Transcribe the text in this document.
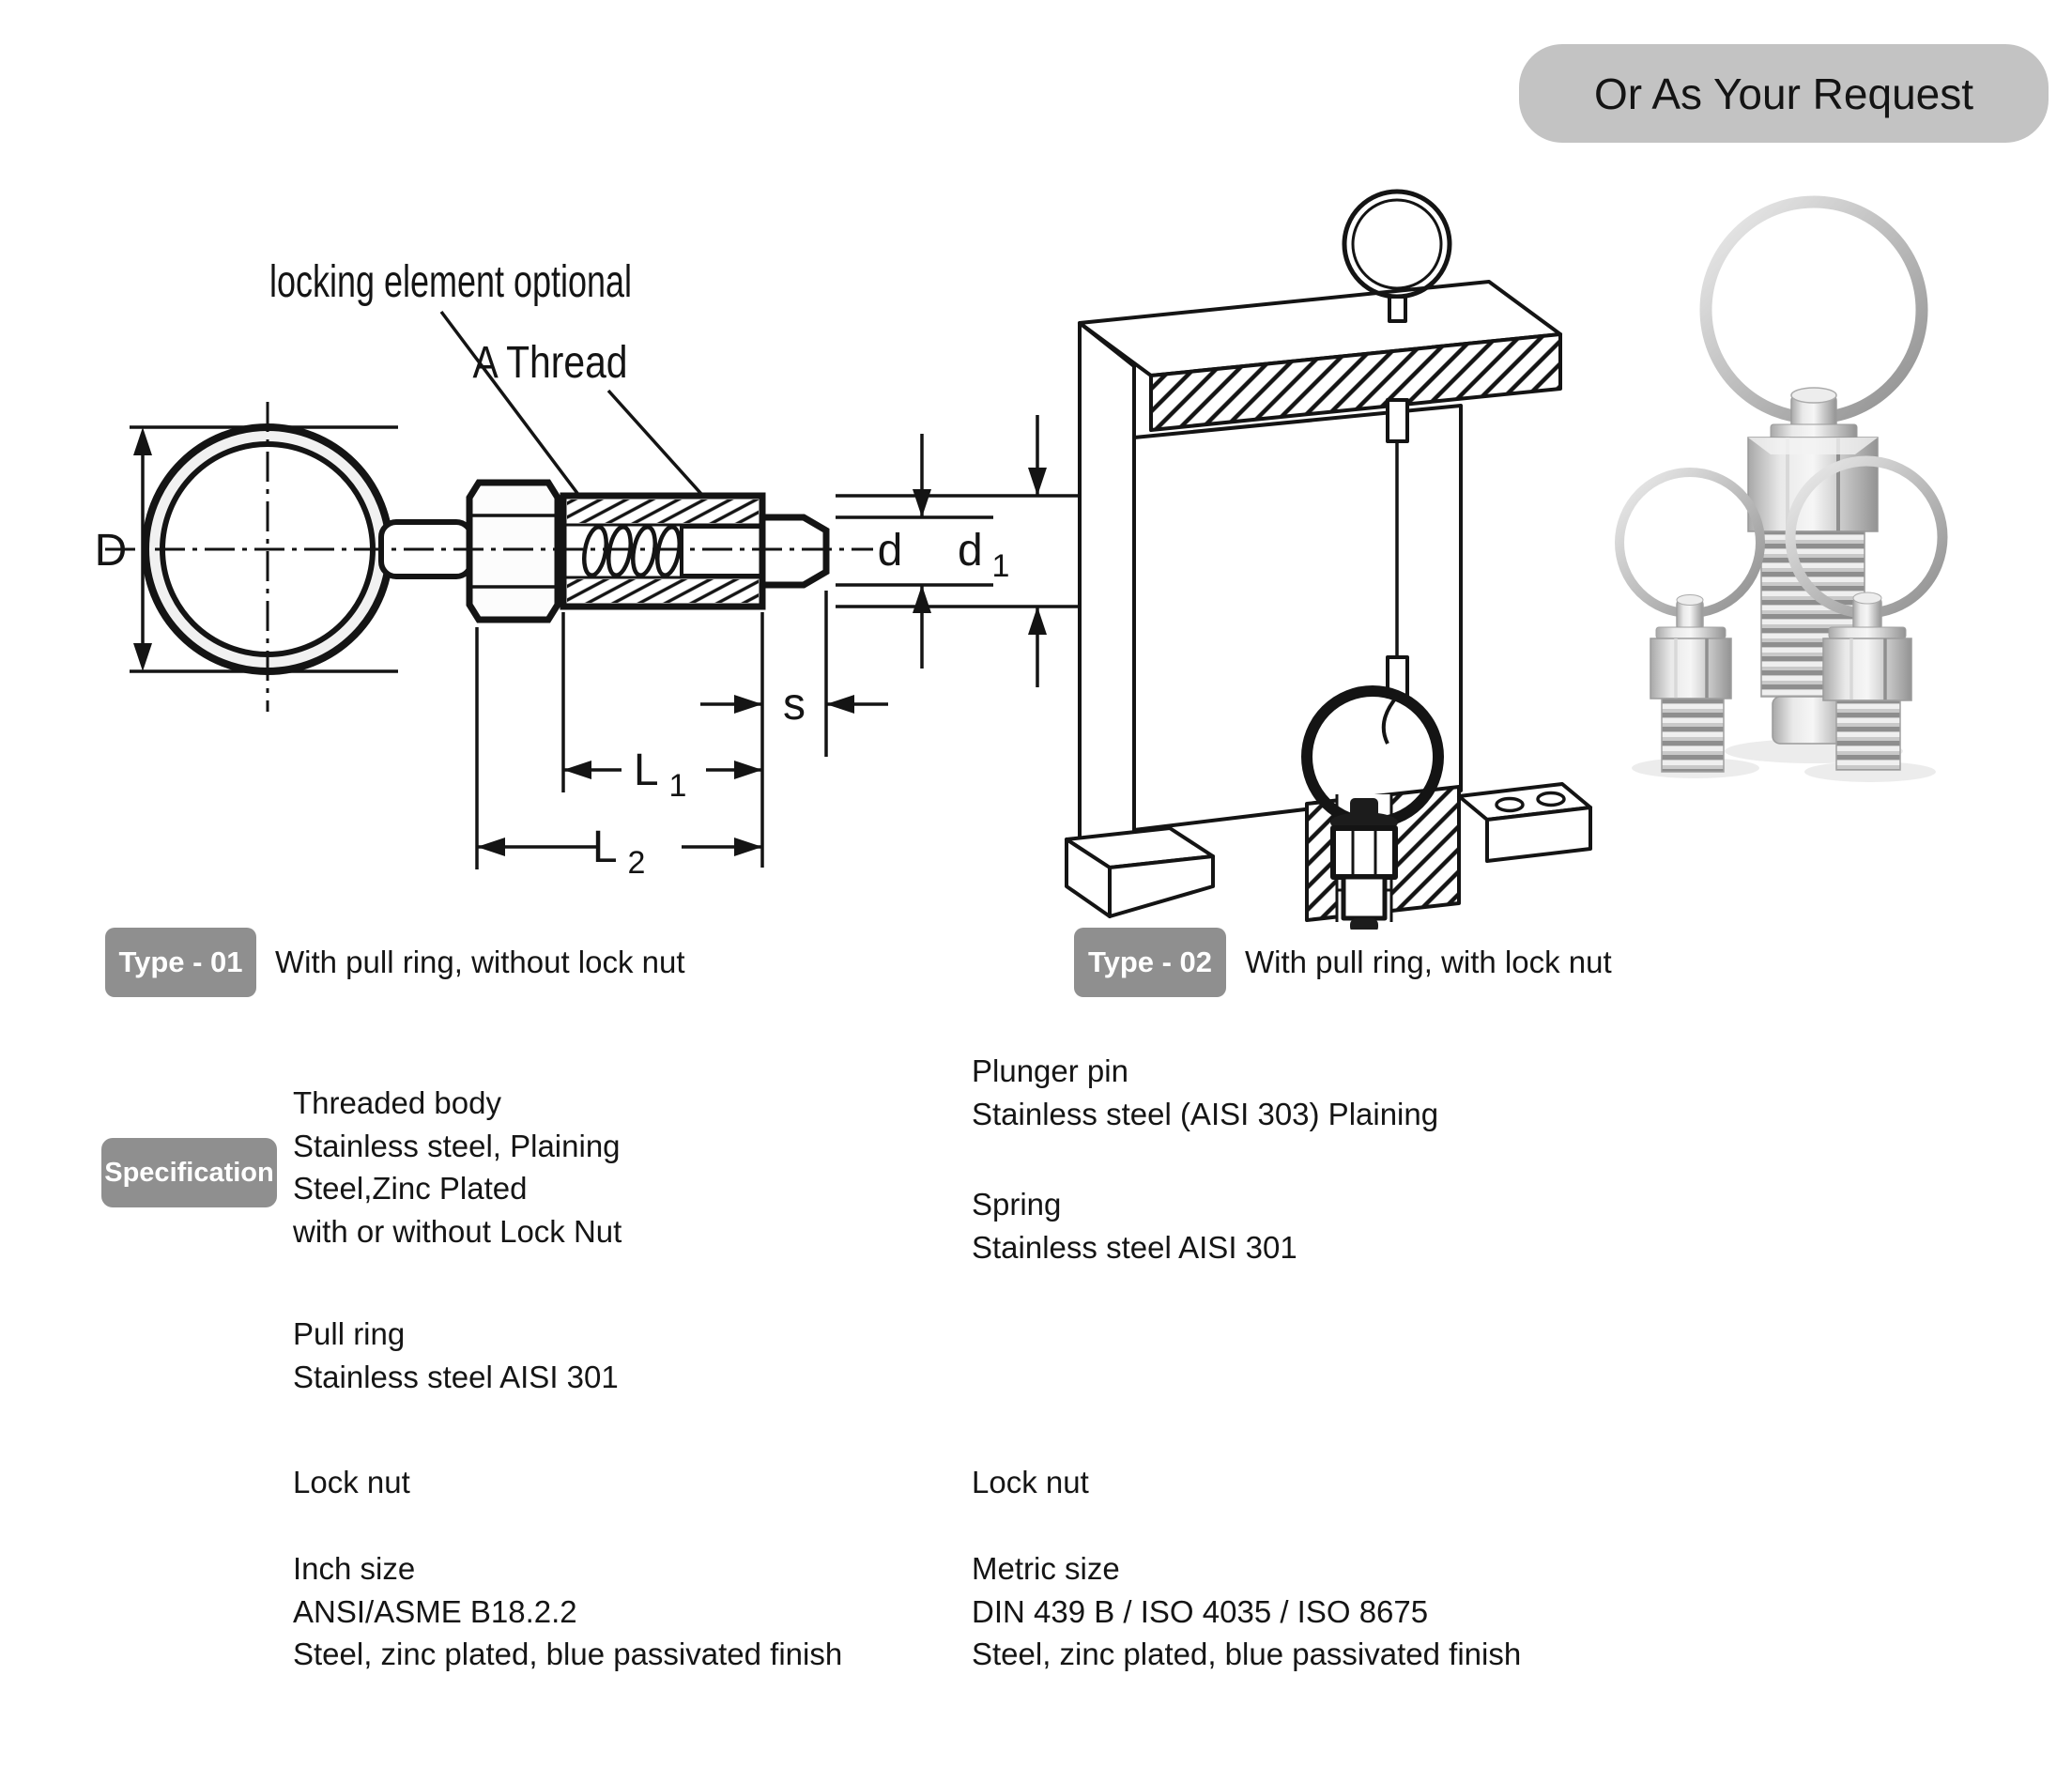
Or As Your Request
locking element optional
A Thread
D	d d 1
s
L 1
L 2
Type - 01 With pull ring, without lock nut	Type - 02 With pull ring, with lock nut
Specification
Threaded body
Stainless steel, Plaining
Steel,Zinc Plated
with or without Lock Nut
Pull ring
Stainless steel AISI 301
Lock nut
Inch size
ANSI/ASME B18.2.2
Steel, zinc plated, blue passivated finish
Plunger pin
Stainless steel (AISI 303) Plaining
Spring
Stainless steel AISI 301
Lock nut
Metric size
DIN 439 B / ISO 4035 / ISO 8675
Steel, zinc plated, blue passivated finish
